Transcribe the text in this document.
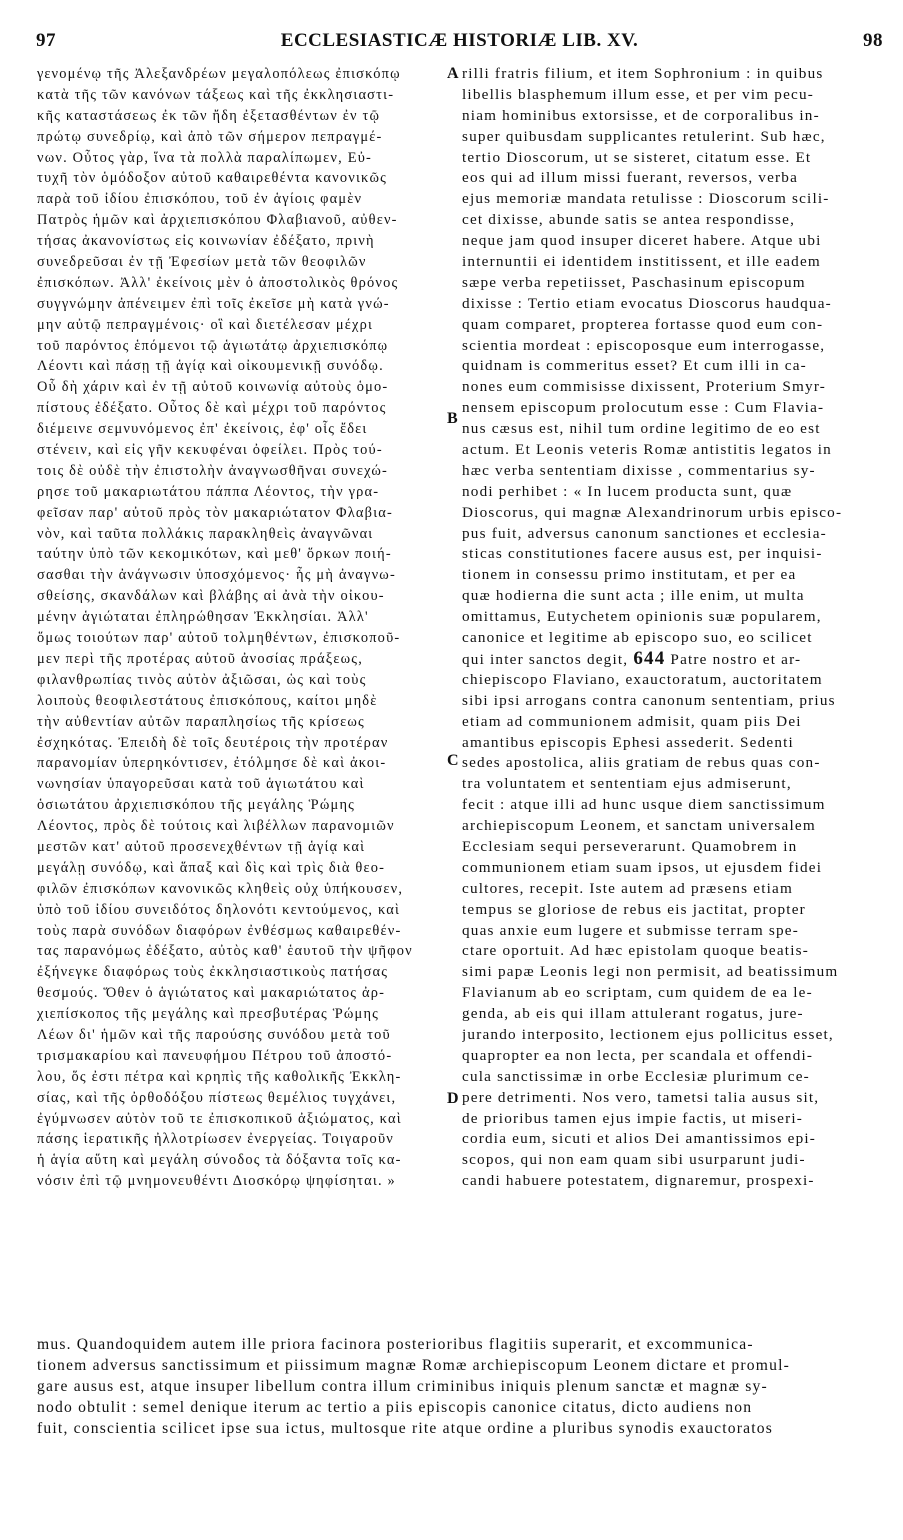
97	ECCLESIASTICÆ HISTORIÆ LIB. XV.	98
γενομένῳ τῆς Ἀλεξανδρέων μεγαλοπόλεως ἐπισκόπῳ
κατὰ τῆς τῶν κανόνων τάξεως καὶ τῆς ἐκκλησιαστι-
κῆς καταστάσεως ἐκ τῶν ἤδη ἐξετασθέντων ἐν τῷ
πρώτῳ συνεδρίῳ, καὶ ἀπὸ τῶν σήμερον πεπραγμέ-
νων. Οὗτος γὰρ, ἵνα τὰ πολλὰ παραλίπωμεν, Εὐ-
τυχῆ τὸν ὁμόδοξον αὐτοῦ καθαιρεθέντα κανονικῶς
παρὰ τοῦ ἰδίου ἐπισκόπου, τοῦ ἐν ἁγίοις φαμὲν
Πατρὸς ἡμῶν καὶ ἀρχιεπισκόπου Φλαβιανοῦ, αὐθεν-
τήσας ἀκανονίστως εἰς κοινωνίαν ἐδέξατο, πρινὴ
συνεδρεῦσαι ἐν τῇ Ἐφεσίων μετὰ τῶν θεοφιλῶν
ἐπισκόπων. Ἀλλ' ἐκείνοις μὲν ὁ ἀποστολικὸς θρόνος
συγγνώμην ἀπένειμεν ἐπὶ τοῖς ἐκεῖσε μὴ κατὰ γνώ-
μην αὐτῷ πεπραγμένοις· οἳ καὶ διετέλεσαν μέχρι
τοῦ παρόντος ἑπόμενοι τῷ ἁγιωτάτῳ ἀρχιεπισκόπῳ
Λέοντι καὶ πάσῃ τῇ ἁγίᾳ καὶ οἰκουμενικῇ συνόδῳ.
Οὗ δὴ χάριν καὶ ἐν τῇ αὐτοῦ κοινωνίᾳ αὐτοὺς ὁμο-
πίστους ἐδέξατο. Οὗτος δὲ καὶ μέχρι τοῦ παρόντος
διέμεινε σεμνυνόμενος ἐπ' ἐκείνοις, ἐφ' οἷς ἔδει
στένειν, καὶ εἰς γῆν κεκυφέναι ὀφείλει. Πρὸς τού-
τοις δὲ οὐδὲ τὴν ἐπιστολὴν ἀναγνωσθῆναι συνεχώ-
ρησε τοῦ μακαριωτάτου πάππα Λέοντος, τὴν γρα-
φεῖσαν παρ' αὐτοῦ πρὸς τὸν μακαριώτατον Φλαβια-
νὸν, καὶ ταῦτα πολλάκις παρακληθεὶς ἀναγνῶναι
ταύτην ὑπὸ τῶν κεκομικότων, καὶ μεθ' ὅρκων ποιή-
σασθαι τὴν ἀνάγνωσιν ὑποσχόμενος· ἧς μὴ ἀναγνω-
σθείσης, σκανδάλων καὶ βλάβης αἱ ἀνὰ τὴν οἰκου-
μένην ἁγιώταται ἐπληρώθησαν Ἐκκλησίαι. Ἀλλ'
ὅμως τοιούτων παρ' αὐτοῦ τολμηθέντων, ἐπισκοποῦ-
μεν περὶ τῆς προτέρας αὐτοῦ ἀνοσίας πράξεως,
φιλανθρωπίας τινὸς αὐτὸν ἀξιῶσαι, ὡς καὶ τοὺς
λοιποὺς θεοφιλεστάτους ἐπισκόπους, καίτοι μηδὲ
τὴν αὐθεντίαν αὐτῶν παραπλησίως τῆς κρίσεως
ἐσχηκότας. Ἐπειδὴ δὲ τοῖς δευτέροις τὴν προτέραν
παρανομίαν ὑπερηκόντισεν, ἐτόλμησε δὲ καὶ ἀκοι-
νωνησίαν ὑπαγορεῦσαι κατὰ τοῦ ἁγιωτάτου καὶ
ὁσιωτάτου ἀρχιεπισκόπου τῆς μεγάλης Ῥώμης
Λέοντος, πρὸς δὲ τούτοις καὶ λιβέλλων παρανομιῶν
μεστῶν κατ' αὐτοῦ προσενεχθέντων τῇ ἁγίᾳ καὶ
μεγάλῃ συνόδῳ, καὶ ἅπαξ καὶ δὶς καὶ τρὶς διὰ θεο-
φιλῶν ἐπισκόπων κανονικῶς κληθεὶς οὐχ ὑπήκουσεν,
ὑπὸ τοῦ ἰδίου συνειδότος δηλονότι κεντούμενος, καὶ
τοὺς παρὰ συνόδων διαφόρων ἐνθέσμως καθαιρεθέν-
τας παρανόμως ἐδέξατο, αὐτὸς καθ' ἑαυτοῦ τὴν ψῆφον
ἐξήνεγκε διαφόρως τοὺς ἐκκλησιαστικοὺς πατήσας
θεσμούς. Ὅθεν ὁ ἁγιώτατος καὶ μακαριώτατος ἀρ-
χιεπίσκοπος τῆς μεγάλης καὶ πρεσβυτέρας Ῥώμης
Λέων δι' ἡμῶν καὶ τῆς παρούσης συνόδου μετὰ τοῦ
τρισμακαρίου καὶ πανευφήμου Πέτρου τοῦ ἀποστό-
λου, ὅς ἐστι πέτρα καὶ κρηπὶς τῆς καθολικῆς Ἐκκλη-
σίας, καὶ τῆς ὀρθοδόξου πίστεως θεμέλιος τυγχάνει,
ἐγύμνωσεν αὐτὸν τοῦ τε ἐπισκοπικοῦ ἀξιώματος, καὶ
πάσης ἱερατικῆς ἠλλοτρίωσεν ἐνεργείας. Τοιγαροῦν
ἡ ἁγία αὕτη καὶ μεγάλη σύνοδος τὰ δόξαντα τοῖς κα-
νόσιν ἐπὶ τῷ μνημονευθέντι Διοσκόρῳ ψηφίσηται. »
rilli fratris filium, et item Sophronium : in quibus
libellis blasphemum illum esse, et per vim pecu-
niam hominibus extorsisse, et de corporalibus in-
super quibusdam supplicantes retulerint. Sub hæc,
tertio Dioscorum, ut se sisteret, citatum esse. Et
eos qui ad illum missi fuerant, reversos, verba
ejus memoriæ mandata retulisse : Dioscorum scili-
cet dixisse, abunde satis se antea respondisse,
neque jam quod insuper diceret habere. Atque ubi
internuntii ei identidem institissent, et ille eadem
sæpe verba repetiisset, Paschasinum episcopum
dixisse : Tertio etiam evocatus Dioscorus haudqua-
quam comparet, propterea fortasse quod eum con-
scientia mordeat : episcoposque eum interrogasse,
quidnam is commeritus esset? Et cum illi in ca-
nones eum commisisse dixissent, Proterium Smyr-
nensem episcopum prolocutum esse : Cum Flavia-
nus cæsus est, nihil tum ordine legitimo de eo est
actum. Et Leonis veteris Romæ antistitis legatos in
hæc verba sententiam dixisse , commentarius sy-
nodi perhibet : « In lucem producta sunt, quæ
Dioscorus, qui magnæ Alexandrinorum urbis episco-
pus fuit, adversus canonum sanctiones et ecclesia-
sticas constitutiones facere ausus est, per inquisi-
tionem in consessu primo institutam, et per ea
quæ hodierna die sunt acta ; ille enim, ut multa
omittamus, Eutychetem opinionis suæ popularem,
canonice et legitime ab episcopo suo, eo scilicet
qui inter sanctos degit, 644 Patre nostro et ar-
chiepiscopo Flaviano, exauctoratum, auctoritatem
sibi ipsi arrogans contra canonum sententiam, prius
etiam ad communionem admisit, quam piis Dei
amantibus episcopis Ephesi assederit. Sedenti
sedes apostolica, aliis gratiam de rebus quas con-
tra voluntatem et sententiam ejus admiserunt,
fecit : atque illi ad hunc usque diem sanctissimum
archiepiscopum Leonem, et sanctam universalem
Ecclesiam sequi perseverarunt. Quamobrem in
communionem etiam suam ipsos, ut ejusdem fidei
cultores, recepit. Iste autem ad præsens etiam
tempus se gloriose de rebus eis jactitat, propter
quas anxie eum lugere et submisse terram spe-
ctare oportuit. Ad hæc epistolam quoque beatis-
simi papæ Leonis legi non permisit, ad beatissimum
Flavianum ab eo scriptam, cum quidem de ea le-
genda, ab eis qui illam attulerant rogatus, jure-
jurando interposito, lectionem ejus pollicitus esset,
quapropter ea non lecta, per scandala et offendi-
cula sanctissimæ in orbe Ecclesiæ plurimum ce-
pere detrimenti. Nos vero, tametsi talia ausus sit,
de prioribus tamen ejus impie factis, ut miseri-
cordia eum, sicuti et alios Dei amantissimos epi-
scopos, qui non eam quam sibi usurparunt judi-
candi habuere potestatem, dignaremur, prospexi-
mus. Quandoquidem autem ille priora facinora posterioribus flagitiis superarit, et excommunica-
tionem adversus sanctissimum et piissimum magnæ Romæ archiepiscopum Leonem dictare et promul-
gare ausus est, atque insuper libellum contra illum criminibus iniquis plenum sanctæ et magnæ sy-
nodo obtulit : semel denique iterum ac tertio a piis episcopis canonice citatus, dicto audiens non
fuit, conscientia scilicet ipse sua ictus, multosque rite atque ordine a pluribus synodis exauctoratos
A
B
C
D
